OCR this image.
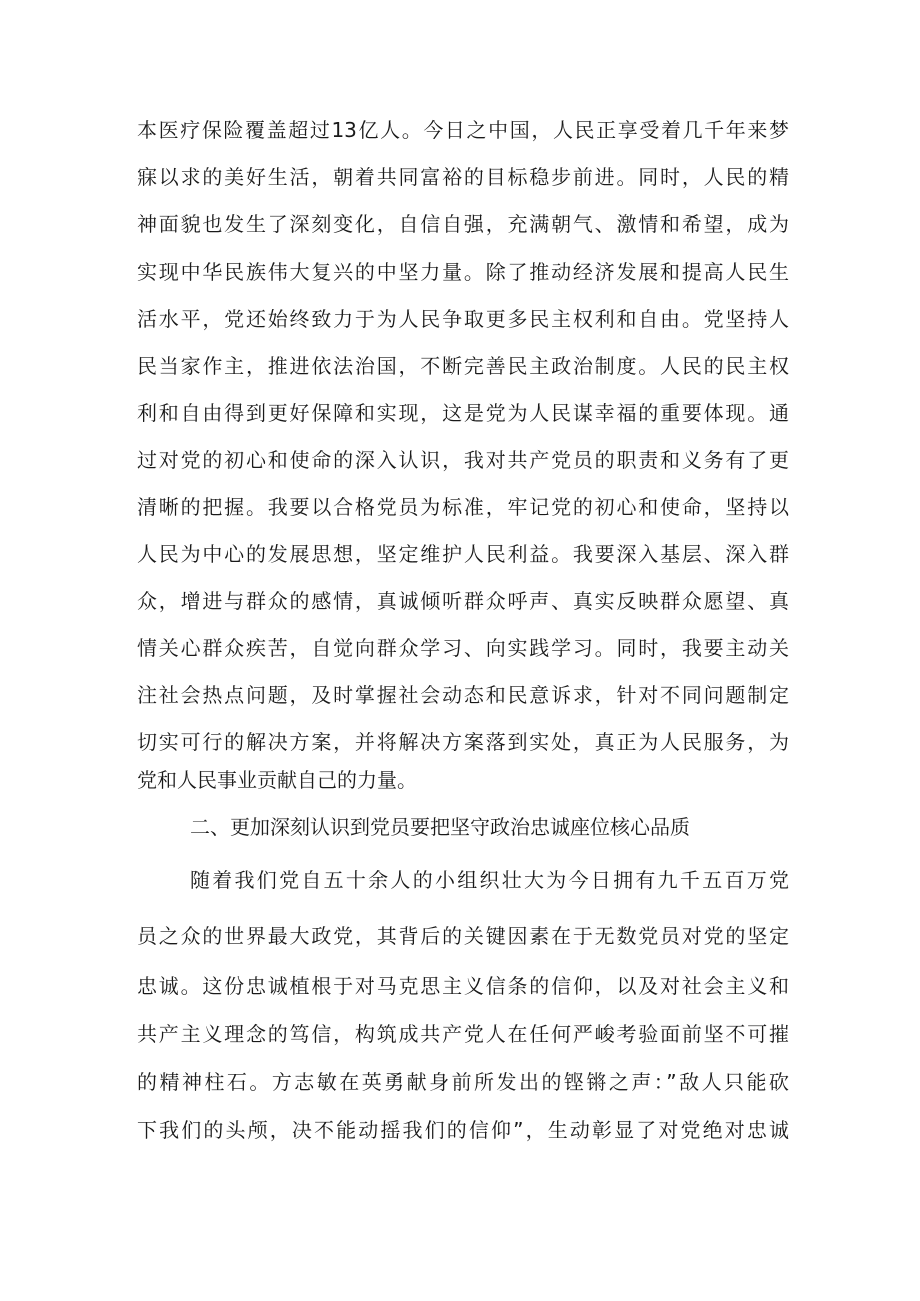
本医疗保险覆盖超过13亿人。今日之中国，人民正享受着几千年来梦
寐以求的美好生活，朝着共同富裕的目标稳步前进。同时，人民的精
神面貌也发生了深刻变化，自信自强，充满朝气、激情和希望，成为
实现中华民族伟大复兴的中坚力量。除了推动经济发展和提高人民生
活水平，党还始终致力于为人民争取更多民主权利和自由。党坚持人
民当家作主，推进依法治国，不断完善民主政治制度。人民的民主权
利和自由得到更好保障和实现，这是党为人民谋幸福的重要体现。通
过对党的初心和使命的深入认识，我对共产党员的职责和义务有了更
清晰的把握。我要以合格党员为标准，牢记党的初心和使命，坚持以
人民为中心的发展思想，坚定维护人民利益。我要深入基层、深入群
众，增进与群众的感情，真诚倾听群众呼声、真实反映群众愿望、真
情关心群众疾苦，自觉向群众学习、向实践学习。同时，我要主动关
注社会热点问题，及时掌握社会动态和民意诉求，针对不同问题制定
切实可行的解决方案，并将解决方案落到实处，真正为人民服务，为
党和人民事业贡献自己的力量。
二、更加深刻认识到党员要把坚守政治忠诚座位核心品质
随着我们党自五十余人的小组织壮大为今日拥有九千五百万党
员之众的世界最大政党，其背后的关键因素在于无数党员对党的坚定
忠诚。这份忠诚植根于对马克思主义信条的信仰，以及对社会主义和
共产主义理念的笃信，构筑成共产党人在任何严峻考验面前坚不可摧
的精神柱石。方志敏在英勇献身前所发出的铿锵之声：”敌人只能砍
下我们的头颅，决不能动摇我们的信仰”，生动彰显了对党绝对忠诚
